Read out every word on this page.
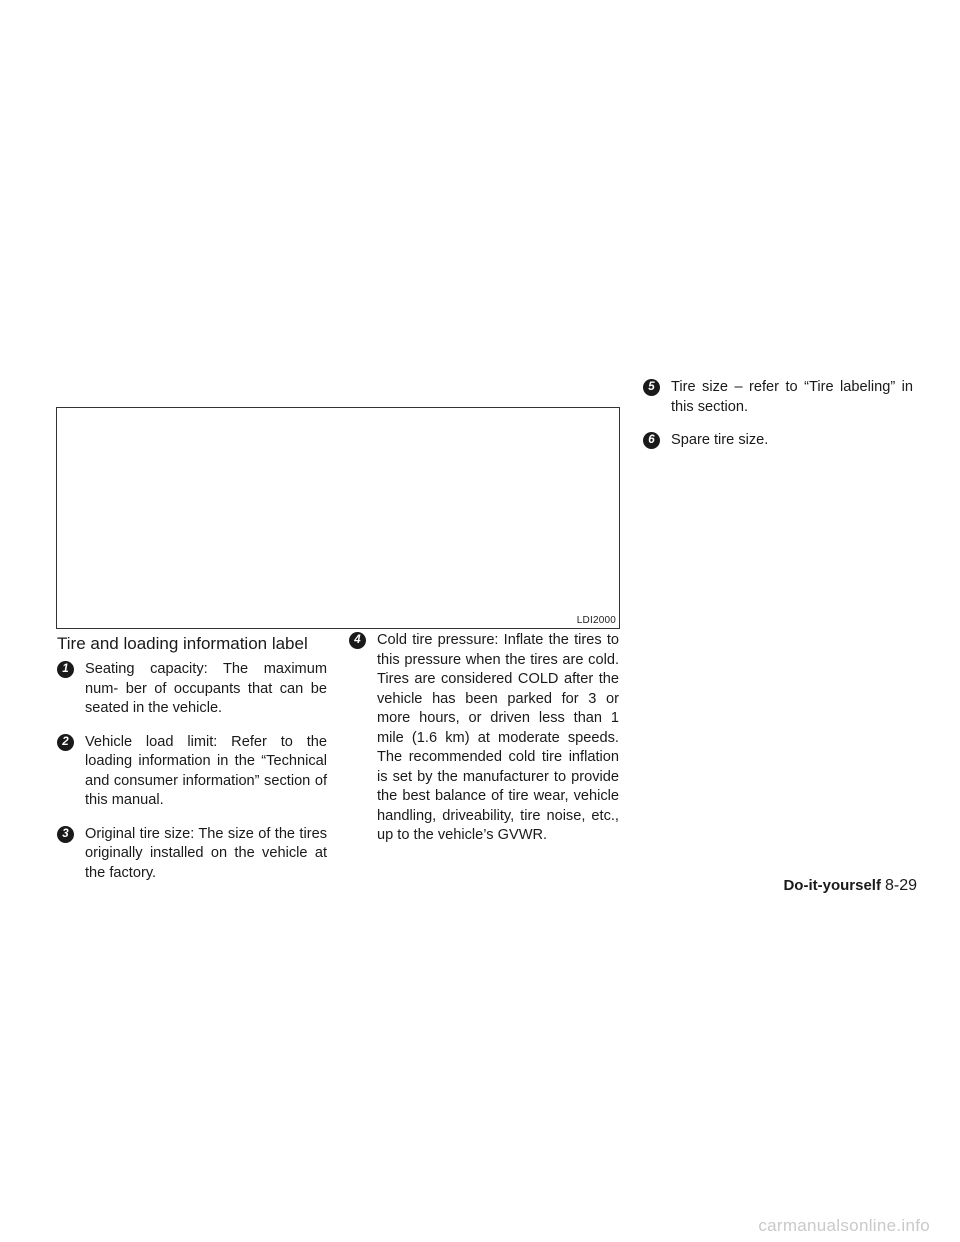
LDI2000
Tire and loading information label
1	Seating capacity: The maximum num- ber of occupants that can be seated in the vehicle.
2	Vehicle load limit: Refer to the loading information in the “Technical and consumer information” section of this manual.
3	Original tire size: The size of the tires originally installed on the vehicle at the factory.
4	Cold tire pressure: Inflate the tires to this pressure when the tires are cold. Tires are considered COLD after the vehicle has been parked for 3 or more hours, or driven less than 1 mile (1.6 km) at moderate speeds. The recommended cold tire inflation is set by the manufacturer to provide the best balance of tire wear, vehicle handling, driveability, tire noise, etc., up to the vehicle’s GVWR.
5	Tire size – refer to “Tire labeling” in this section.
6	Spare tire size.
Do-it-yourself 8-29
carmanualsonline.info
